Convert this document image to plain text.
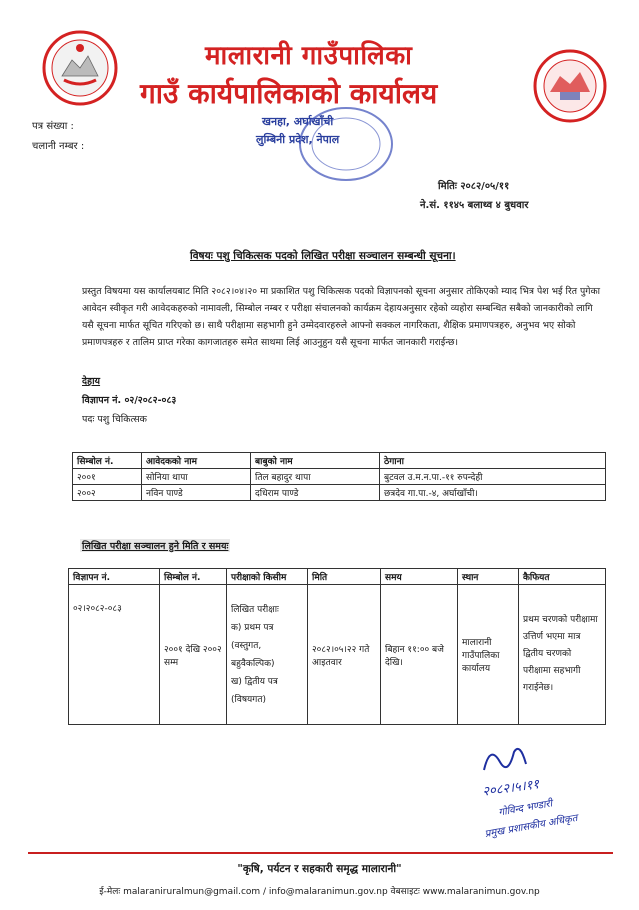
मालारानी गाउँपालिका
गाउँ कार्यपालिकाको कार्यालय
खनहा, अर्घाखाँची
लुम्बिनी प्रदेश, नेपाल
पत्र संख्या :
चलानी नम्बर :
मितिः २०८२/०५/११
ने.सं. ११४५ बलाथ्व ४ बुधवार
विषयः पशु चिकित्सक पदको लिखित परीक्षा सञ्चालन सम्बन्धी सूचना।
प्रस्तुत विषयमा यस कार्यालयबाट मिति २०८२।०४।२० मा प्रकाशित पशु चिकित्सक पदको विज्ञापनको सूचना अनुसार तोकिएको म्याद भित्र पेश भई रित पुगेका आवेदन स्वीकृत गरी आवेदकहरुको नामावली, सिम्बोल नम्बर र परीक्षा संचालनको कार्यक्रम देहायअनुसार रहेको व्यहोरा सम्बन्धित सबैको जानकारीको लागि यसै सूचना मार्फत सूचित गरिएको छ। साथै परीक्षामा सहभागी हुने उम्मेदवारहरुले आफ्नो सक्कल नागरिकता, शैक्षिक प्रमाणपत्रहरु, अनुभव भए सोको प्रमाणपत्रहरु र तालिम प्राप्त गरेका कागजातहरु समेत साथमा लिई आउनुहुन यसै सूचना मार्फत जानकारी गराईन्छ।
देहाय
विज्ञापन नं. ०२/२०८२-०८३
पदः पशु चिकित्सक
सिम्बोल नं.	आवेदकको नाम	बाबुको नाम	ठेगाना
२००१	सोनिया थापा	तिल बहादुर थापा	बुटवल उ.म.न.पा.-११ रुपन्देही
२००२	नविन पाण्डे	दधिराम पाण्डे	छत्रदेव गा.पा.-४, अर्घाखाँची।
लिखित परीक्षा सञ्चालन हुने मिति र समयः
विज्ञापन नं.	सिम्बोल नं.	परीक्षाको किसीम	मिति	समय	स्थान	कैफियत
०२।२०८२-०८३	२००१ देखि २००२ सम्म	लिखित परीक्षाः
क) प्रथम पत्र
(वस्तुगत, बहुवैकल्पिक)
ख) द्वितीय पत्र
(विषयगत)	२०८२।०५।२२ गते आइतवार	बिहान ११:०० बजे देखि।	मालारानी गाउँपालिका कार्यालय	प्रथम चरणको परीक्षामा उत्तिर्ण भएमा मात्र द्वितीय चरणको परीक्षामा सहभागी गराईनेछ।
२०८२।५।११
गोविन्द भण्डारी
प्रमुख प्रशासकीय अधिकृत
"कृषि, पर्यटन र सहकारी समृद्ध मालारानी"
ई-मेलः malaraniruralmun@gmail.com / info@malaranimun.gov.np वेबसाइटः www.malaranimun.gov.np
